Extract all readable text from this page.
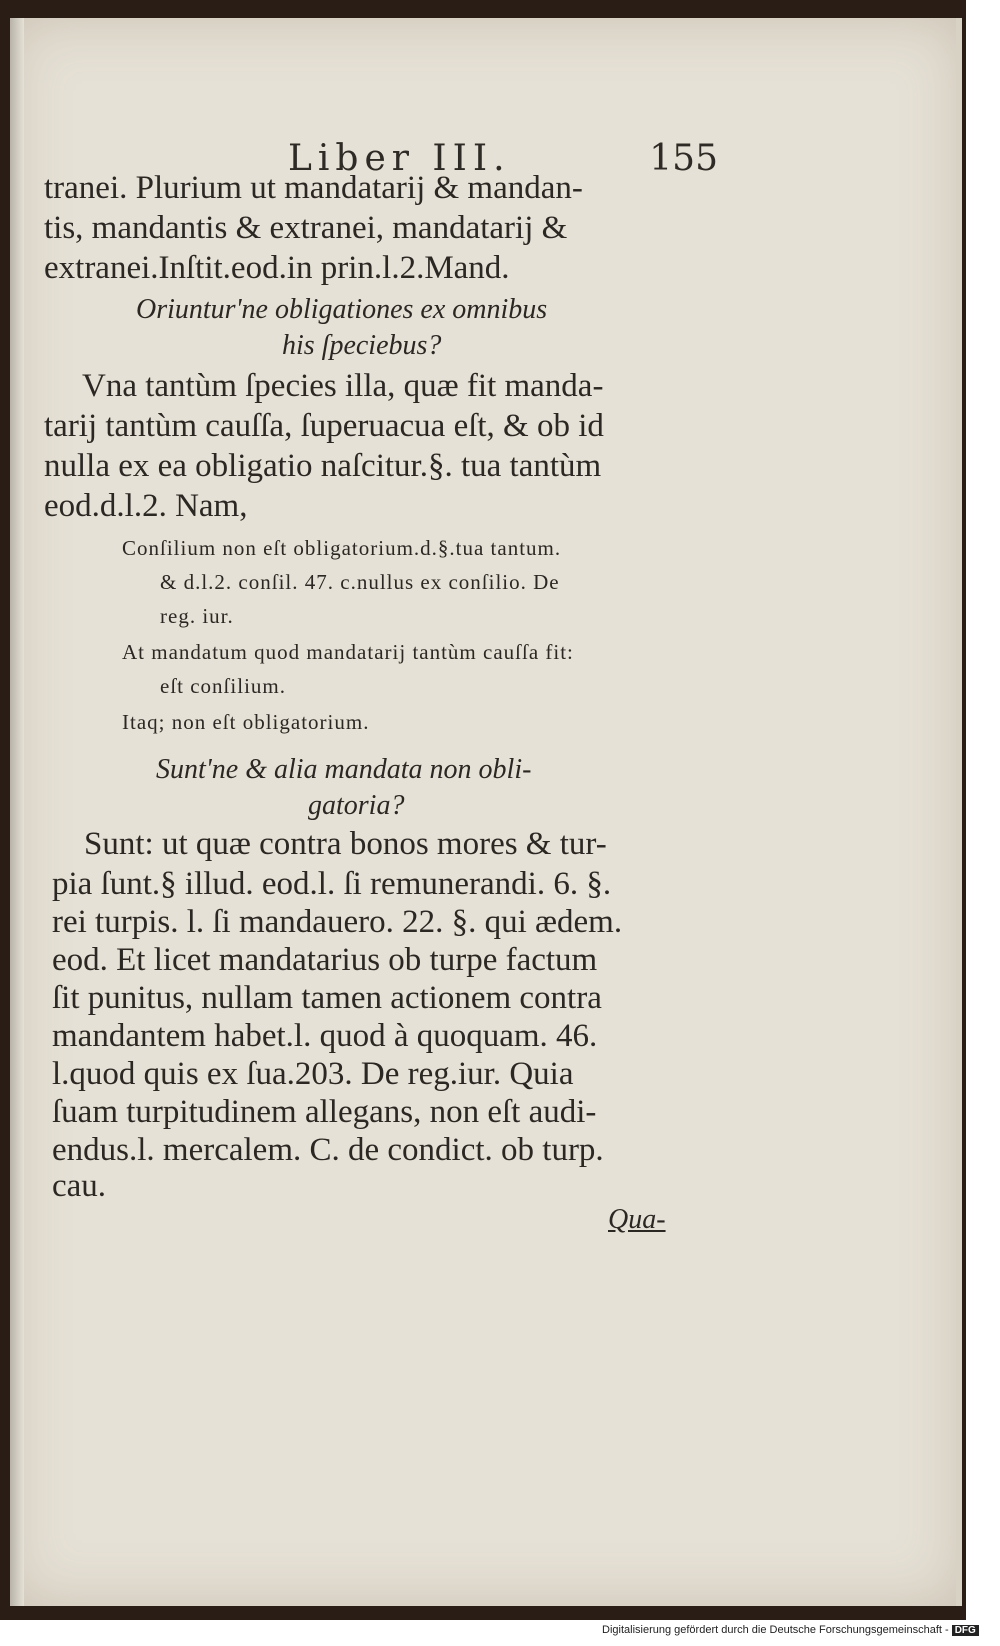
Liber III.	155
tranei. Plurium ut mandatarij & mandan-
tis, mandantis & extranei, mandatarij &
extranei.Inſtit.eod.in prin.l.2.Mand.
Oriuntur'ne obligationes ex omnibus
his ſpeciebus?
Vna tantùm ſpecies illa, quæ fit manda-
tarij tantùm cauſſa, ſuperuacua eſt, & ob id
nulla ex ea obligatio naſcitur.§. tua tantùm
eod.d.l.2. Nam,
Conſilium non eſt obligatorium.d.§.tua tantum.
& d.l.2. conſil. 47. c.nullus ex conſilio. De
reg. iur.
At mandatum quod mandatarij tantùm cauſſa fit:
eſt conſilium.
Itaq; non eſt obligatorium.
Sunt'ne & alia mandata non obli-
gatoria?
Sunt: ut quæ contra bonos mores & tur-
pia ſunt.§ illud. eod.l. ſi remunerandi. 6. §.
rei turpis. l. ſi mandauero. 22. §. qui ædem.
eod. Et licet mandatarius ob turpe factum
ſit punitus, nullam tamen actionem contra
mandantem habet.l. quod à quoquam. 46.
l.quod quis ex ſua.203. De reg.iur. Quia
ſuam turpitudinem allegans, non eſt audi-
endus.l. mercalem. C. de condict. ob turp.
cau.
Qua-
Digitalisierung gefördert durch die Deutsche Forschungsgemeinschaft - DFG
